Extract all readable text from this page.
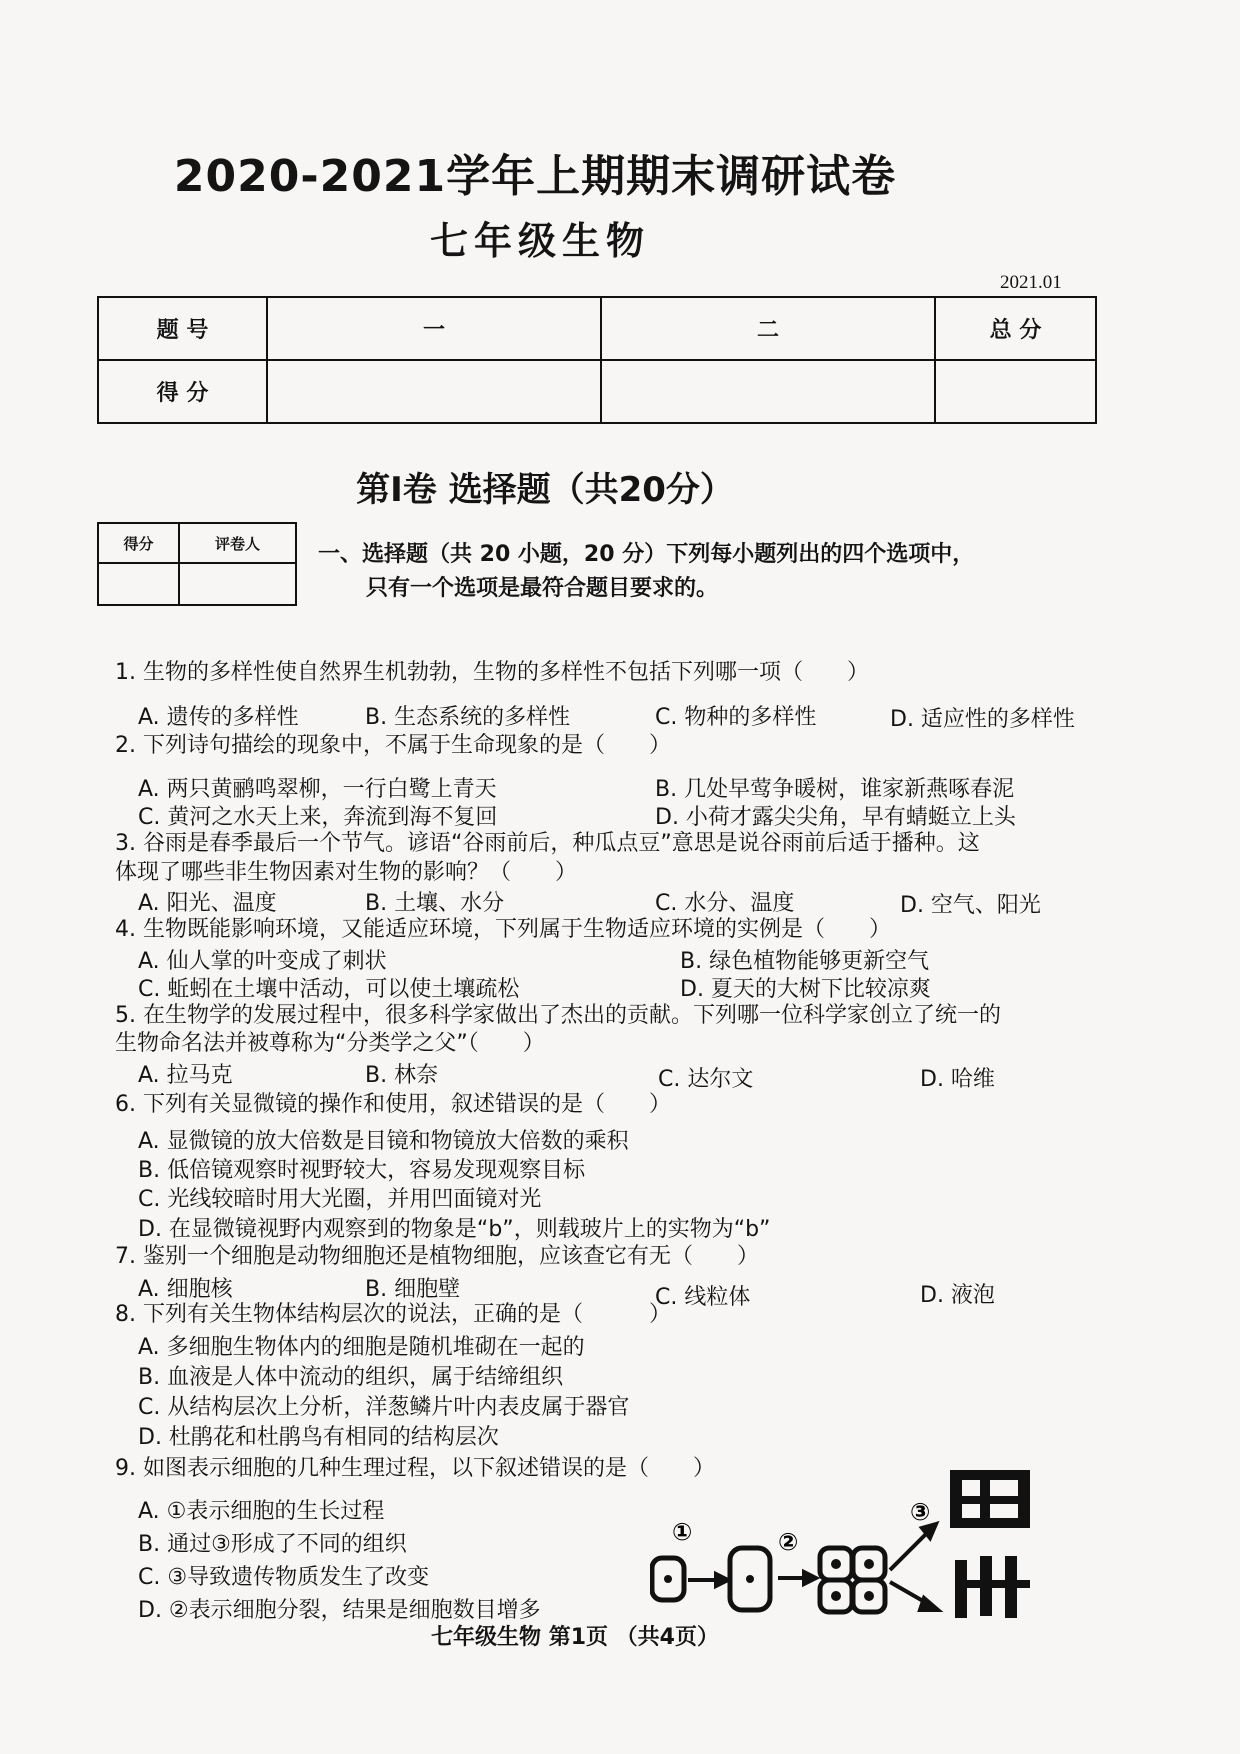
2020-2021学年上期期末调研试卷
七年级生物
2021.01
题 号	一	二	总 分
得 分			
第Ⅰ卷 选择题（共20分）
得分	评卷人
		一、选择题（共 20 小题，20 分）下列每小题列出的四个选项中，
只有一个选项是最符合题目要求的。
1. 生物的多样性使自然界生机勃勃，生物的多样性不包括下列哪一项（　　）
A. 遗传的多样性	B. 生态系统的多样性	C. 物种的多样性	D. 适应性的多样性
2. 下列诗句描绘的现象中，不属于生命现象的是（　　）
A. 两只黄鹂鸣翠柳，一行白鹭上青天	B. 几处早莺争暖树，谁家新燕啄春泥
C. 黄河之水天上来，奔流到海不复回	D. 小荷才露尖尖角，早有蜻蜓立上头
3. 谷雨是春季最后一个节气。谚语“谷雨前后，种瓜点豆”意思是说谷雨前后适于播种。这
体现了哪些非生物因素对生物的影响？（　　）
A. 阳光、温度	B. 土壤、水分	C. 水分、温度	D. 空气、阳光
4. 生物既能影响环境，又能适应环境，下列属于生物适应环境的实例是（　　）
A. 仙人掌的叶变成了刺状	B. 绿色植物能够更新空气
C. 蚯蚓在土壤中活动，可以使土壤疏松	D. 夏天的大树下比较凉爽
5. 在生物学的发展过程中，很多科学家做出了杰出的贡献。下列哪一位科学家创立了统一的
生物命名法并被尊称为“分类学之父”（　　）
A. 拉马克	B. 林奈	C. 达尔文	D. 哈维
6. 下列有关显微镜的操作和使用，叙述错误的是（　　）
A. 显微镜的放大倍数是目镜和物镜放大倍数的乘积
B. 低倍镜观察时视野较大，容易发现观察目标
C. 光线较暗时用大光圈，并用凹面镜对光
D. 在显微镜视野内观察到的物象是“b”，则载玻片上的实物为“b”
7. 鉴别一个细胞是动物细胞还是植物细胞，应该查它有无（　　）
A. 细胞核	B. 细胞壁	C. 线粒体	D. 液泡
8. 下列有关生物体结构层次的说法，正确的是（　　　）
A. 多细胞生物体内的细胞是随机堆砌在一起的
B. 血液是人体中流动的组织，属于结缔组织
C. 从结构层次上分析，洋葱鳞片叶内表皮属于器官
D. 杜鹃花和杜鹃鸟有相同的结构层次
9. 如图表示细胞的几种生理过程，以下叙述错误的是（　　）
A. ①表示细胞的生长过程
B. 通过③形成了不同的组织
C. ③导致遗传物质发生了改变
D. ②表示细胞分裂，结果是细胞数目增多
①	②
③
七年级生物 第1页 （共4页）
